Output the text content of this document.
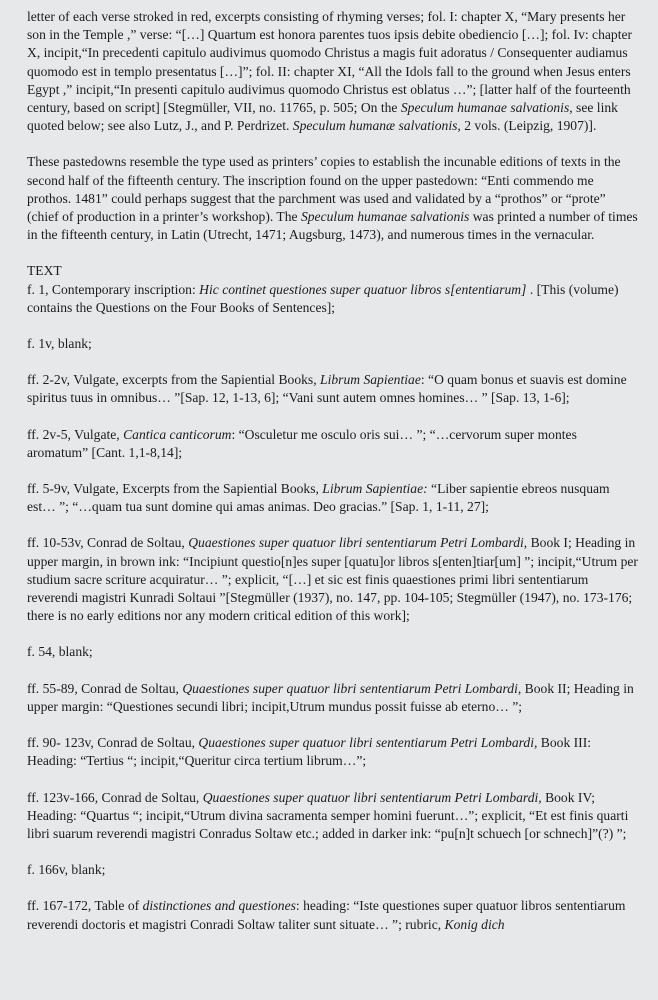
letter of each verse stroked in red, excerpts consisting of rhyming verses; fol. I: chapter X, “Mary presents her son in the Temple ,” verse: “[…] Quartum est honora parentes tuos ipsis debite obediencio […]; fol. Iv: chapter X, incipit,“In precedenti capitulo audivimus quomodo Christus a magis fuit adoratus / Consequenter audiamus quomodo est in templo presentatus […]”; fol. II: chapter XI, “All the Idols fall to the ground when Jesus enters Egypt ,” incipit,“In presenti capitulo audivimus quomodo Christus est oblatus …”; [latter half of the fourteenth century, based on script] [Stegmüller, VII, no. 11765, p. 505; On the Speculum humanae salvationis, see link quoted below; see also Lutz, J., and P. Perdrizet. Speculum humanæ salvationis, 2 vols. (Leipzig, 1907)].

These pastedowns resemble the type used as printers’ copies to establish the incunable editions of texts in the second half of the fifteenth century. The inscription found on the upper pastedown: “Enti commendo me prothos. 1481” could perhaps suggest that the parchment was used and validated by a “prothos” or “prote” (chief of production in a printer’s workshop). The Speculum humanae salvationis was printed a number of times in the fifteenth century, in Latin (Utrecht, 1471; Augsburg, 1473), and numerous times in the vernacular.

TEXT

f. 1, Contemporary inscription: Hic continet questiones super quatuor libros s[ententiarum] . [This (volume) contains the Questions on the Four Books of Sentences];

f. 1v, blank;

ff. 2-2v, Vulgate, excerpts from the Sapiential Books, Librum Sapientiae: “O quam bonus et suavis est domine spiritus tuus in omnibus… ”[Sap. 12, 1-13, 6]; “Vani sunt autem omnes homines… ” [Sap. 13, 1-6];

ff. 2v-5, Vulgate, Cantica canticorum: “Osculetur me osculo oris sui… ”; “…cervorum super montes aromatum” [Cant. 1,1-8,14];

ff. 5-9v, Vulgate, Excerpts from the Sapiential Books, Librum Sapientiae: “Liber sapientie ebreos nusquam est… ”; “…quam tua sunt domine qui amas animas. Deo gracias.” [Sap. 1, 1-11, 27];

ff. 10-53v, Conrad de Soltau, Quaestiones super quatuor libri sententiarum Petri Lombardi, Book I; Heading in upper margin, in brown ink: “Incipiunt questio[n]es super [quatu]or libros s[enten]tiar[um] ”; incipit,“Utrum per studium sacre scriture acquiratur… ”; explicit, “[…] et sic est finis quaestiones primi libri sententiarum reverendi magistri Kunradi Soltaui ”[Stegmüller (1937), no. 147, pp. 104-105; Stegmüller (1947), no. 173-176; there is no early editions nor any modern critical edition of this work];

f. 54, blank;

ff. 55-89, Conrad de Soltau, Quaestiones super quatuor libri sententiarum Petri Lombardi, Book II; Heading in upper margin: “Questiones secundi libri; incipit,Utrum mundus possit fuisse ab eterno… ”;

ff. 90- 123v, Conrad de Soltau, Quaestiones super quatuor libri sententiarum Petri Lombardi, Book III: Heading: “Tertius “; incipit,“Queritur circa tertium librum…”;

ff. 123v-166, Conrad de Soltau, Quaestiones super quatuor libri sententiarum Petri Lombardi, Book IV; Heading: “Quartus “; incipit,“Utrum divina sacramenta semper homini fuerunt…”; explicit, “Et est finis quarti libri suarum reverendi magistri Conradus Soltaw etc.; added in darker ink: “pu[n]t schuech [or schnech]”(?) ”;

f. 166v, blank;

ff. 167-172, Table of distinctiones and questiones: heading: “Iste questiones super quatuor libros sententiarum reverendi doctoris et magistri Conradi Soltaw taliter sunt situate… ”; rubric, Konig dich
